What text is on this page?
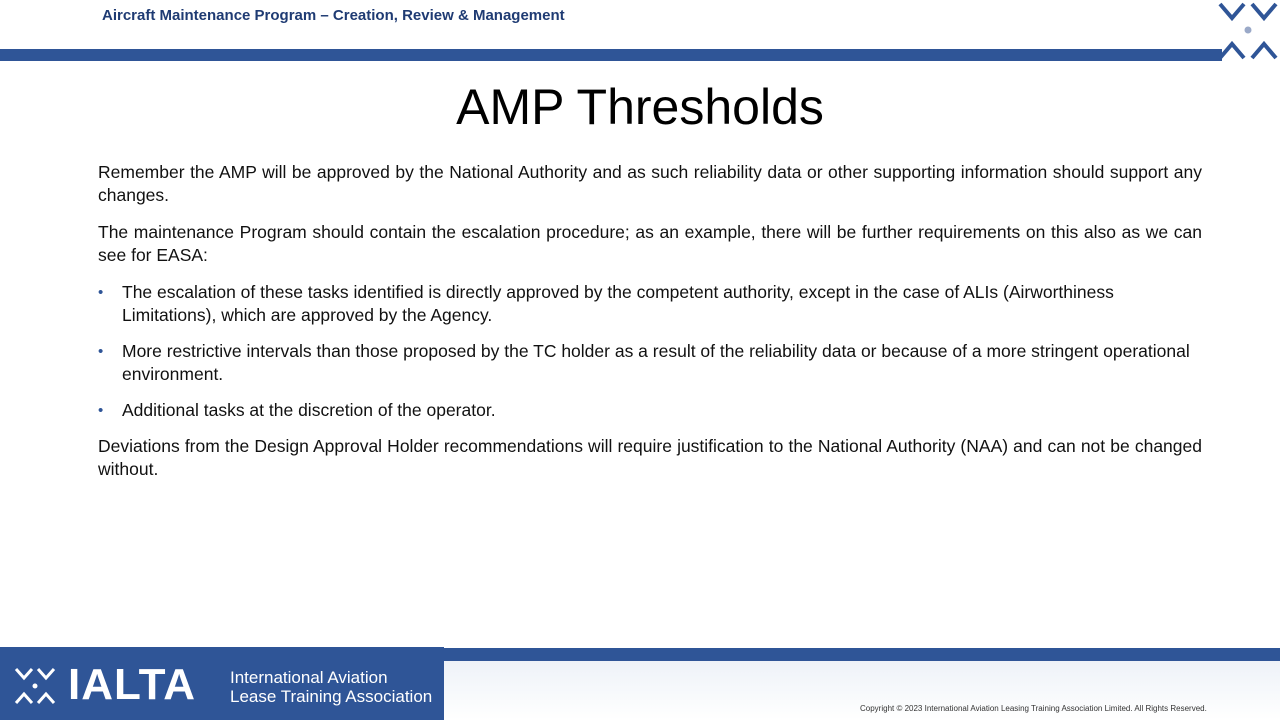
Aircraft Maintenance Program – Creation, Review & Management
AMP Thresholds

Remember the AMP will be approved by the National Authority and as such reliability data or other supporting information should support any changes.

The maintenance Program should contain the escalation procedure; as an example, there will be further requirements on this also as we can see for EASA:

• The escalation of these tasks identified is directly approved by the competent authority, except in the case of ALIs (Airworthiness Limitations), which are approved by the Agency.
• More restrictive intervals than those proposed by the TC holder as a result of the reliability data or because of a more stringent operational environment.
• Additional tasks at the discretion of the operator.

Deviations from the Design Approval Holder recommendations will require justification to the National Authority (NAA) and can not be changed without.

IALTA International Aviation
Lease Training Association
Copyright © 2023 International Aviation Leasing Training Association Limited. All Rights Reserved.
